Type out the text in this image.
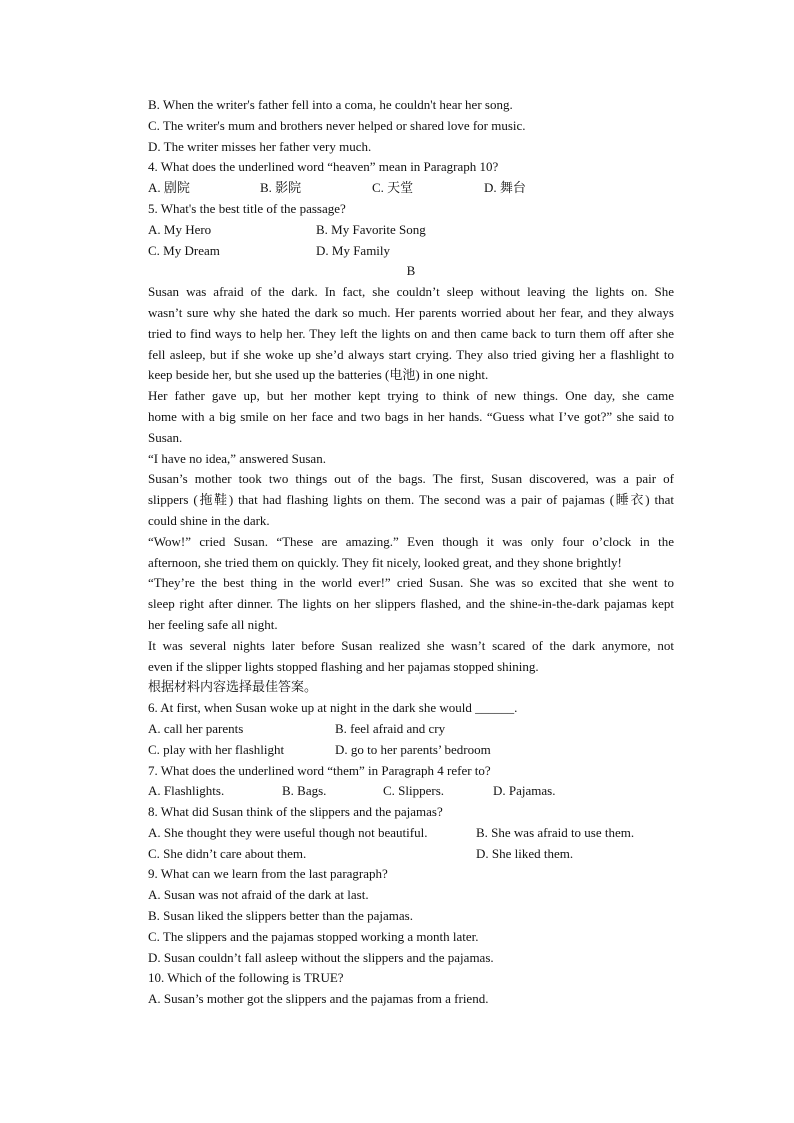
B. When the writer's father fell into a coma, he couldn't hear her song.
C. The writer's mum and brothers never helped or shared love for music.
D. The writer misses her father very much.
4. What does the underlined word “heaven” mean in Paragraph 10?
A. 剧院	B. 影院	C. 天堂	D. 舞台
5. What's the best title of the passage?
A. My Hero	B. My Favorite Song
C. My Dream	D. My Family
B
Susan was afraid of the dark. In fact, she couldn’t sleep without leaving the lights on. She
wasn’t sure why she hated the dark so much. Her parents worried about her fear, and they always
tried to find ways to help her. They left the lights on and then came back to turn them off after she
fell asleep, but if she woke up she’d always start crying. They also tried giving her a flashlight to
keep beside her, but she used up the batteries (电池) in one night.
Her father gave up, but her mother kept trying to think of new things. One day, she came
home with a big smile on her face and two bags in her hands. “Guess what I’ve got?” she said to
Susan.
“I have no idea,” answered Susan.
Susan’s mother took two things out of the bags. The first, Susan discovered, was a pair of
slippers (拖鞋) that had flashing lights on them. The second was a pair of pajamas (睡衣) that
could shine in the dark.
“Wow!” cried Susan. “These are amazing.” Even though it was only four o’clock in the
afternoon, she tried them on quickly. They fit nicely, looked great, and they shone brightly!
“They’re the best thing in the world ever!” cried Susan. She was so excited that she went to
sleep right after dinner. The lights on her slippers flashed, and the shine-in-the-dark pajamas kept
her feeling safe all night.
It was several nights later before Susan realized she wasn’t scared of the dark anymore, not
even if the slipper lights stopped flashing and her pajamas stopped shining.
根据材料内容选择最佳答案。
6. At first, when Susan woke up at night in the dark she would ______.
A. call her parents	B. feel afraid and cry
C. play with her flashlight	D. go to her parents’ bedroom
7. What does the underlined word “them” in Paragraph 4 refer to?
A. Flashlights.	B. Bags.	C. Slippers.	D. Pajamas.
8. What did Susan think of the slippers and the pajamas?
A. She thought they were useful though not beautiful.	B. She was afraid to use them.
C. She didn’t care about them.	D. She liked them.
9. What can we learn from the last paragraph?
A. Susan was not afraid of the dark at last.
B. Susan liked the slippers better than the pajamas.
C. The slippers and the pajamas stopped working a month later.
D. Susan couldn’t fall asleep without the slippers and the pajamas.
10. Which of the following is TRUE?
A. Susan’s mother got the slippers and the pajamas from a friend.
